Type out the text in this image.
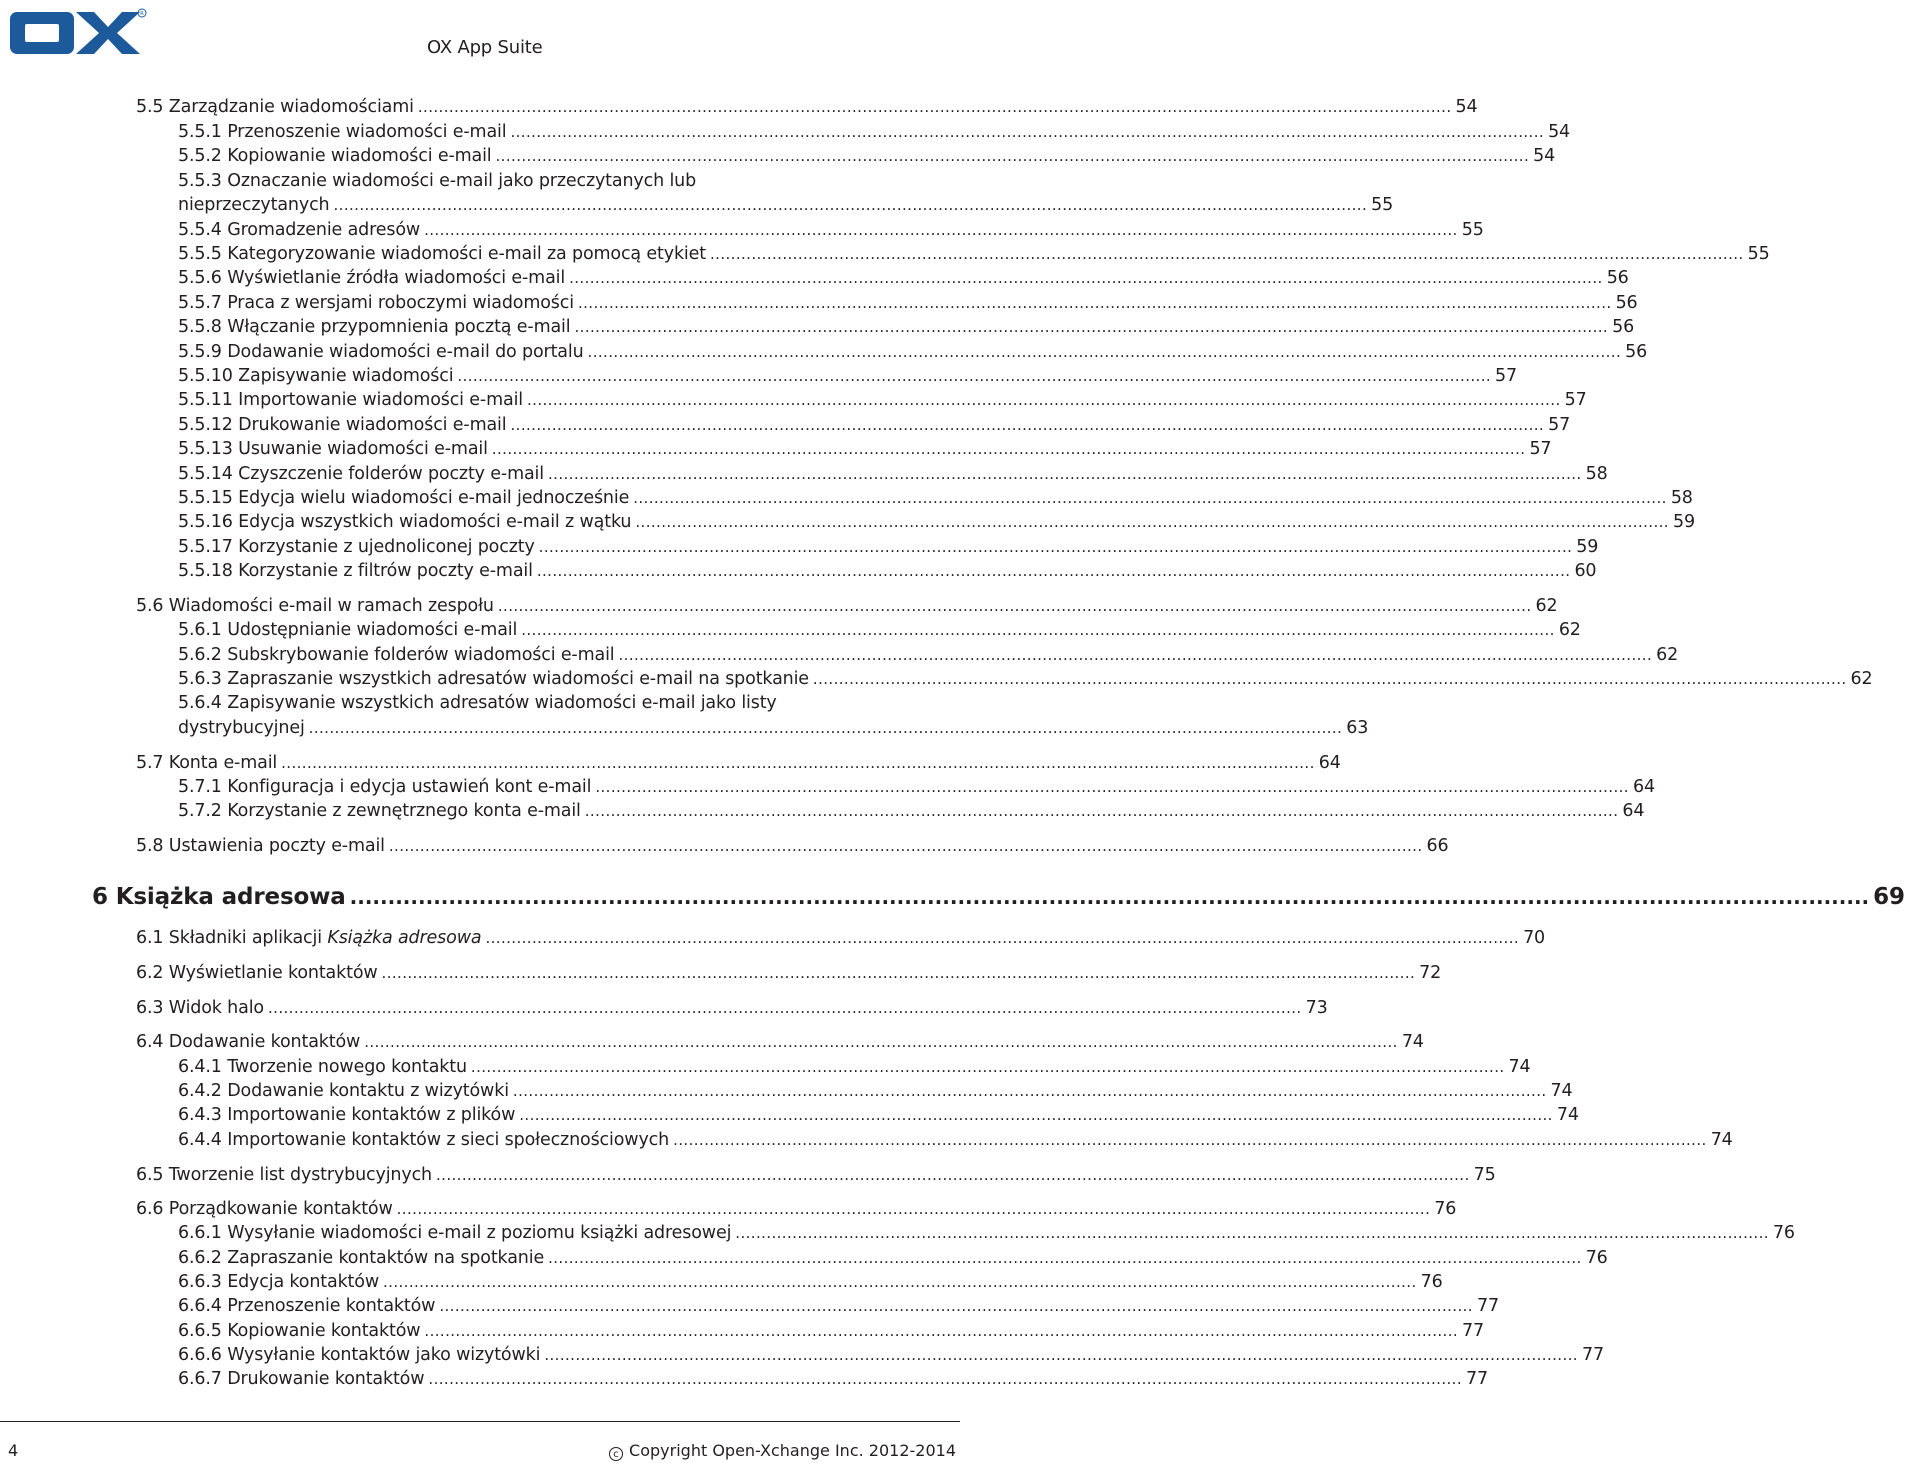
R
OX App Suite
5.5 Zarządzanie wiadomościami ........................................................................................................................................................................................................ 54
5.5.1 Przenoszenie wiadomości e-mail ........................................................................................................................................................................................................ 54
5.5.2 Kopiowanie wiadomości e-mail ........................................................................................................................................................................................................ 54
5.5.3 Oznaczanie wiadomości e-mail jako przeczytanych lub
nieprzeczytanych ........................................................................................................................................................................................................ 55
5.5.4 Gromadzenie adresów ........................................................................................................................................................................................................ 55
5.5.5 Kategoryzowanie wiadomości e-mail za pomocą etykiet ........................................................................................................................................................................................................ 55
5.5.6 Wyświetlanie źródła wiadomości e-mail ........................................................................................................................................................................................................ 56
5.5.7 Praca z wersjami roboczymi wiadomości ........................................................................................................................................................................................................ 56
5.5.8 Włączanie przypomnienia pocztą e-mail ........................................................................................................................................................................................................ 56
5.5.9 Dodawanie wiadomości e-mail do portalu ........................................................................................................................................................................................................ 56
5.5.10 Zapisywanie wiadomości ........................................................................................................................................................................................................ 57
5.5.11 Importowanie wiadomości e-mail ........................................................................................................................................................................................................ 57
5.5.12 Drukowanie wiadomości e-mail ........................................................................................................................................................................................................ 57
5.5.13 Usuwanie wiadomości e-mail ........................................................................................................................................................................................................ 57
5.5.14 Czyszczenie folderów poczty e-mail ........................................................................................................................................................................................................ 58
5.5.15 Edycja wielu wiadomości e-mail jednocześnie ........................................................................................................................................................................................................ 58
5.5.16 Edycja wszystkich wiadomości e-mail z wątku ........................................................................................................................................................................................................ 59
5.5.17 Korzystanie z ujednoliconej poczty ........................................................................................................................................................................................................ 59
5.5.18 Korzystanie z filtrów poczty e-mail ........................................................................................................................................................................................................ 60
5.6 Wiadomości e-mail w ramach zespołu ........................................................................................................................................................................................................ 62
5.6.1 Udostępnianie wiadomości e-mail ........................................................................................................................................................................................................ 62
5.6.2 Subskrybowanie folderów wiadomości e-mail ........................................................................................................................................................................................................ 62
5.6.3 Zapraszanie wszystkich adresatów wiadomości e-mail na spotkanie ........................................................................................................................................................................................................ 62
5.6.4 Zapisywanie wszystkich adresatów wiadomości e-mail jako listy
dystrybucyjnej ........................................................................................................................................................................................................ 63
5.7 Konta e-mail ........................................................................................................................................................................................................ 64
5.7.1 Konfiguracja i edycja ustawień kont e-mail ........................................................................................................................................................................................................ 64
5.7.2 Korzystanie z zewnętrznego konta e-mail ........................................................................................................................................................................................................ 64
5.8 Ustawienia poczty e-mail ........................................................................................................................................................................................................ 66
6 Książka adresowa ........................................................................................................................................................................................................ 69
6.1 Składniki aplikacji Książka adresowa ........................................................................................................................................................................................................ 70
6.2 Wyświetlanie kontaktów ........................................................................................................................................................................................................ 72
6.3 Widok halo ........................................................................................................................................................................................................ 73
6.4 Dodawanie kontaktów ........................................................................................................................................................................................................ 74
6.4.1 Tworzenie nowego kontaktu ........................................................................................................................................................................................................ 74
6.4.2 Dodawanie kontaktu z wizytówki ........................................................................................................................................................................................................ 74
6.4.3 Importowanie kontaktów z plików ........................................................................................................................................................................................................ 74
6.4.4 Importowanie kontaktów z sieci społecznościowych ........................................................................................................................................................................................................ 74
6.5 Tworzenie list dystrybucyjnych ........................................................................................................................................................................................................ 75
6.6 Porządkowanie kontaktów ........................................................................................................................................................................................................ 76
6.6.1 Wysyłanie wiadomości e-mail z poziomu książki adresowej ........................................................................................................................................................................................................ 76
6.6.2 Zapraszanie kontaktów na spotkanie ........................................................................................................................................................................................................ 76
6.6.3 Edycja kontaktów ........................................................................................................................................................................................................ 76
6.6.4 Przenoszenie kontaktów ........................................................................................................................................................................................................ 77
6.6.5 Kopiowanie kontaktów ........................................................................................................................................................................................................ 77
6.6.6 Wysyłanie kontaktów jako wizytówki ........................................................................................................................................................................................................ 77
6.6.7 Drukowanie kontaktów ........................................................................................................................................................................................................ 77
4	c Copyright Open-Xchange Inc. 2012-2014
